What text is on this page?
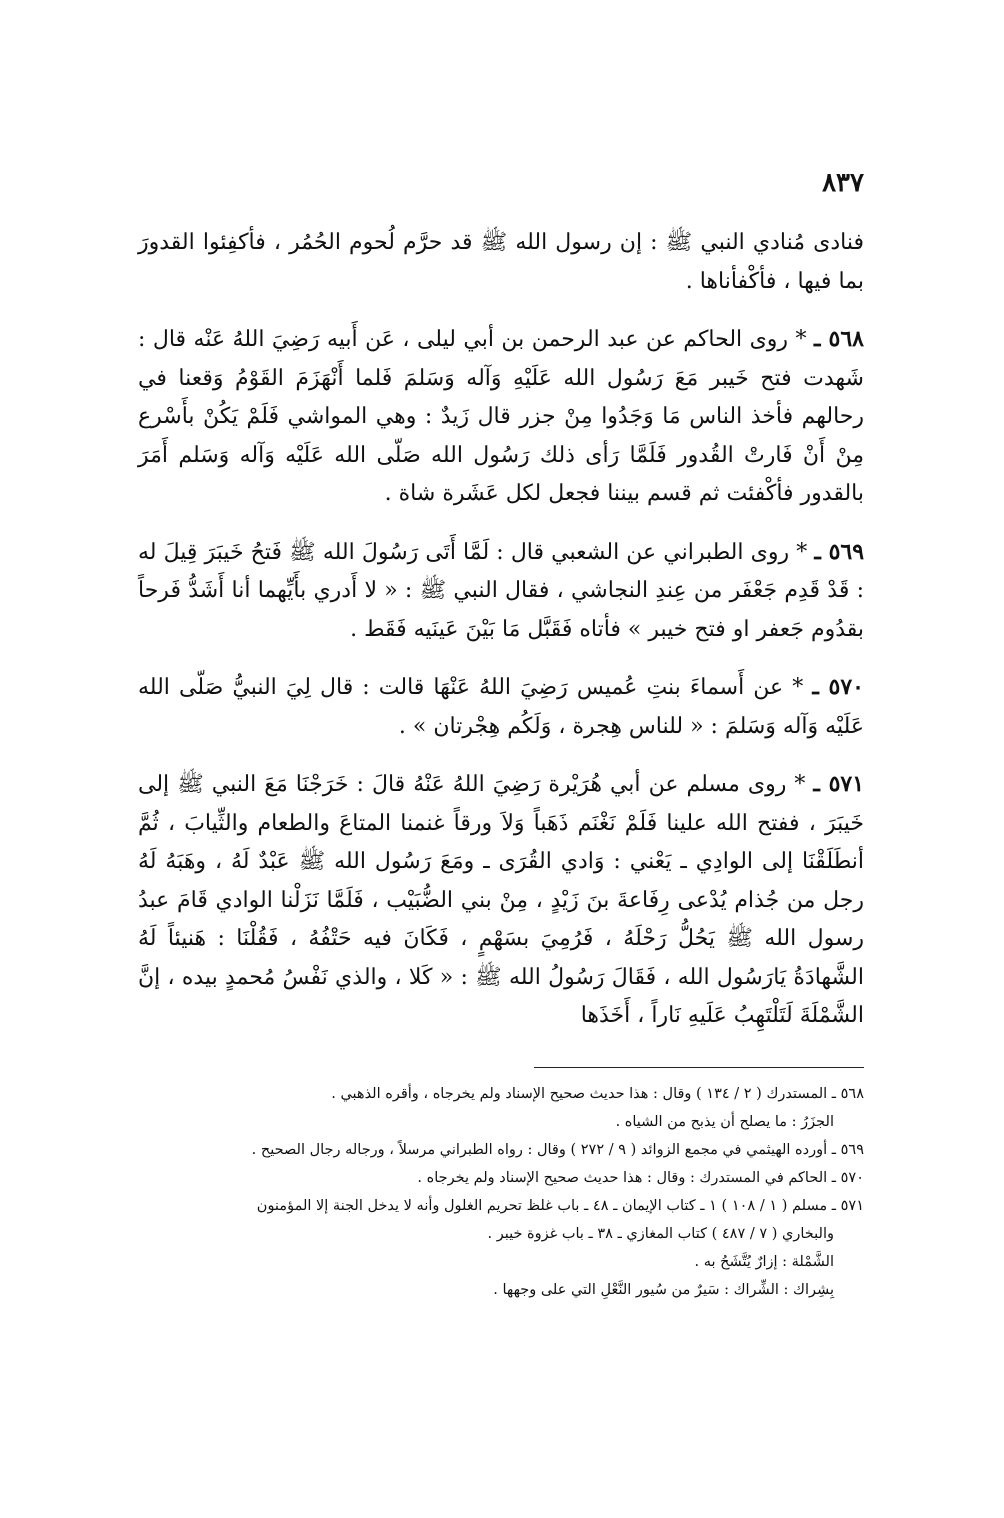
٨٣٧

فنادى مُنادي النبي ﷺ : إن رسول الله ﷺ قد حرَّم لُحوم الحُمُر ، فأكفِئوا القدورَ بما فيها ، فأكْفأناها .

٥٦٨ ـ * روى الحاكم عن عبد الرحمن بن أبي ليلى ، عَن أَبيه رَضِيَ اللهُ عَنْه قال : شَهدت فتح خَيبر مَعَ رَسُول الله عَلَيْهِ وَآله وَسَلمَ فَلما أَنْهَزَمَ القَوْمُ وَقعنا في رحالهم فأخذ الناس مَا وَجَدُوا مِنْ جزر قال زَيدٌ : وهي المواشي فَلَمْ يَكُنْ بأَسْرع مِنْ أَنْ فَارتْ القُدور فَلَمَّا رَأى ذلك رَسُول الله صَلّى الله عَلَيْه وَآله وَسَلم أَمَرَ بالقدور فأكْفئت ثم قسم بيننا فجعل لكل عَشَرة شاة .

٥٦٩ ـ * روى الطبراني عن الشعبي قال : لَمَّا أَتَى رَسُولَ الله ﷺ فَتحُ خَيبَرَ قِيلَ له : قَدْ قَدِم جَعْفَر من عِندِ النجاشي ، فقال النبي ﷺ : « لا أَدري بأَيِّهما أنا أَشَدُّ فَرحاً بقدُوم جَعفر او فتح خيبر » فأتاه فَقَبَّل مَا بَيْنَ عَينَيه فَقَط .

٥٧٠ ـ * عن أَسماءَ بنتِ عُميس رَضِيَ اللهُ عَنْهَا قالت : قال لِيَ النبيُّ صَلّى الله عَلَيْه وَآله وَسَلمَ : « للناس هِجرة ، وَلَكُم هِجْرتان » .

٥٧١ ـ * روى مسلم عن أبي هُرَيْرة رَضِيَ اللهُ عَنْهُ قالَ : خَرَجْنَا مَعَ النبي ﷺ إلى خَيبَرَ ، ففتح الله علينا فَلَمْ نَغْنَم ذَهَباً وَلاَ ورقاً غنمنا المتاعَ والطعام والثِّيابَ ، ثُمَّ أنطَلَقْنَا إلى الوادِي ـ يَعْني : وَادي القُرَى ـ ومَعَ رَسُول الله ﷺ عَبْدٌ لَهُ ، وهَبَهُ لَهُ رجل من جُذام يُدْعى رِفَاعةَ بنَ زَيْدٍ ، مِنْ بني الضُّبَيْب ، فَلَمَّا نَزَلْنا الوادي قَامَ عبدُ رسول الله ﷺ يَحُلُّ رَحْلَهُ ، فَرُمِيَ بسَهْمٍ ، فَكَانَ فيه حَتْفُهُ ، فَقُلْنَا : هَنيئاً لَهُ الشَّهادَةُ يَارَسُول الله ، فَقَالَ رَسُولُ الله ﷺ : « كَلا ، والذي نَفْسُ مُحمدٍ بيده ، إنَّ الشَّمْلَةَ لَتَلْتَهِبُ عَلَيهِ نَاراً ، أَخَذَها

٥٦٨ ـ المستدرك ( ٢ / ١٣٤ ) وقال : هذا حديث صحيح الإسناد ولم يخرجاه ، وأقره الذهبي .

الجزَرُ : ما يصلح أن يذبح من الشياه .

٥٦٩ ـ أورده الهيثمي في مجمع الزوائد ( ٩ / ٢٧٢ ) وقال : رواه الطبراني مرسلاً ، ورجاله رجال الصحيح .

٥٧٠ ـ الحاكم في المستدرك : وقال : هذا حديث صحيح الإسناد ولم يخرجاه .

٥٧١ ـ مسلم ( ١ / ١٠٨ ) ١ ـ كتاب الإيمان ـ ٤٨ ـ باب غلظ تحريم الغلول وأنه لا يدخل الجنة إلا المؤمنون

والبخاري ( ٧ / ٤٨٧ ) كتاب المغازي ـ ٣٨ ـ باب غزوة خيبر .

الشَّمْلة : إزارٌ يُتَّشَحُ به .

بِشِراك : الشِّراك : سَيرٌ من سُيور النَّعْلِ التي على وجهها .
